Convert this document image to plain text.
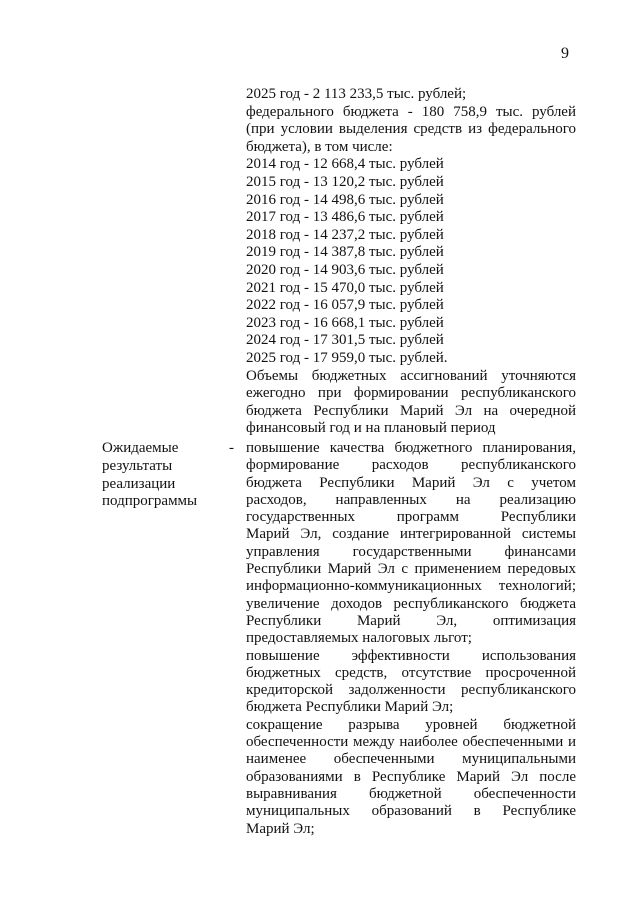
9
2025 год - 2 113 233,5 тыс. рублей;
федерального бюджета - 180 758,9 тыс. рублей
(при условии выделения средств из федерального
бюджета), в том числе:
2014 год - 12 668,4 тыс. рублей
2015 год - 13 120,2 тыс. рублей
2016 год - 14 498,6 тыс. рублей
2017 год - 13 486,6 тыс. рублей
2018 год - 14 237,2 тыс. рублей
2019 год - 14 387,8 тыс. рублей
2020 год - 14 903,6 тыс. рублей
2021 год - 15 470,0 тыс. рублей
2022 год - 16 057,9 тыс. рублей
2023 год - 16 668,1 тыс. рублей
2024 год - 17 301,5 тыс. рублей
2025 год - 17 959,0 тыс. рублей.
Объемы бюджетных ассигнований уточняются
ежегодно при формировании республиканского
бюджета Республики Марий Эл на очередной
финансовый год и на плановый период
Ожидаемые
результаты
реализации
подпрограммы
- повышение качества бюджетного планирования,
формирование расходов республиканского
бюджета Республики Марий Эл с учетом
расходов, направленных на реализацию
государственных программ Республики
Марий Эл, создание интегрированной системы
управления государственными финансами
Республики Марий Эл с применением передовых
информационно-коммуникационных технологий;
увеличение доходов республиканского бюджета
Республики Марий Эл, оптимизация
предоставляемых налоговых льгот;
повышение эффективности использования
бюджетных средств, отсутствие просроченной
кредиторской задолженности республиканского
бюджета Республики Марий Эл;
сокращение разрыва уровней бюджетной
обеспеченности между наиболее обеспеченными и
наименее обеспеченными муниципальными
образованиями в Республике Марий Эл после
выравнивания бюджетной обеспеченности
муниципальных образований в Республике
Марий Эл;
